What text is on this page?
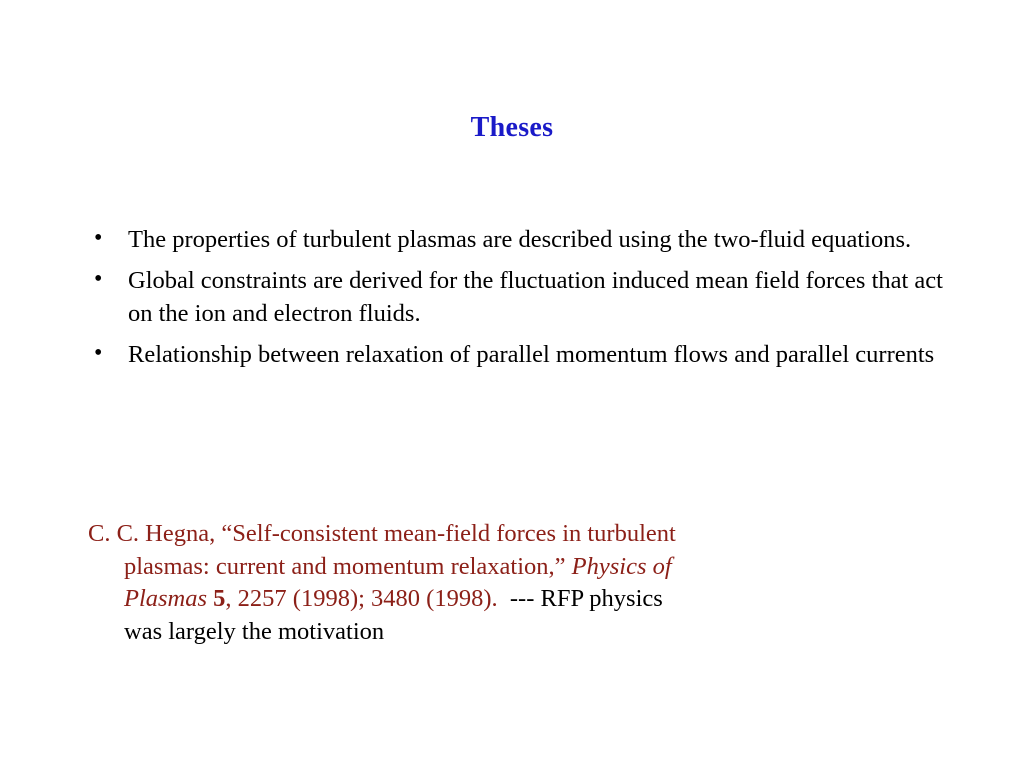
Theses
• The properties of turbulent plasmas are described using the two-fluid equations.
• Global constraints are derived for the fluctuation induced mean field forces that act on the ion and electron fluids.
• Relationship between relaxation of parallel momentum flows and parallel currents
C. C. Hegna, “Self-consistent mean-field forces in turbulent
plasmas: current and momentum relaxation,” Physics of
Plasmas 5, 2257 (1998); 3480 (1998). --- RFP physics
was largely the motivation
